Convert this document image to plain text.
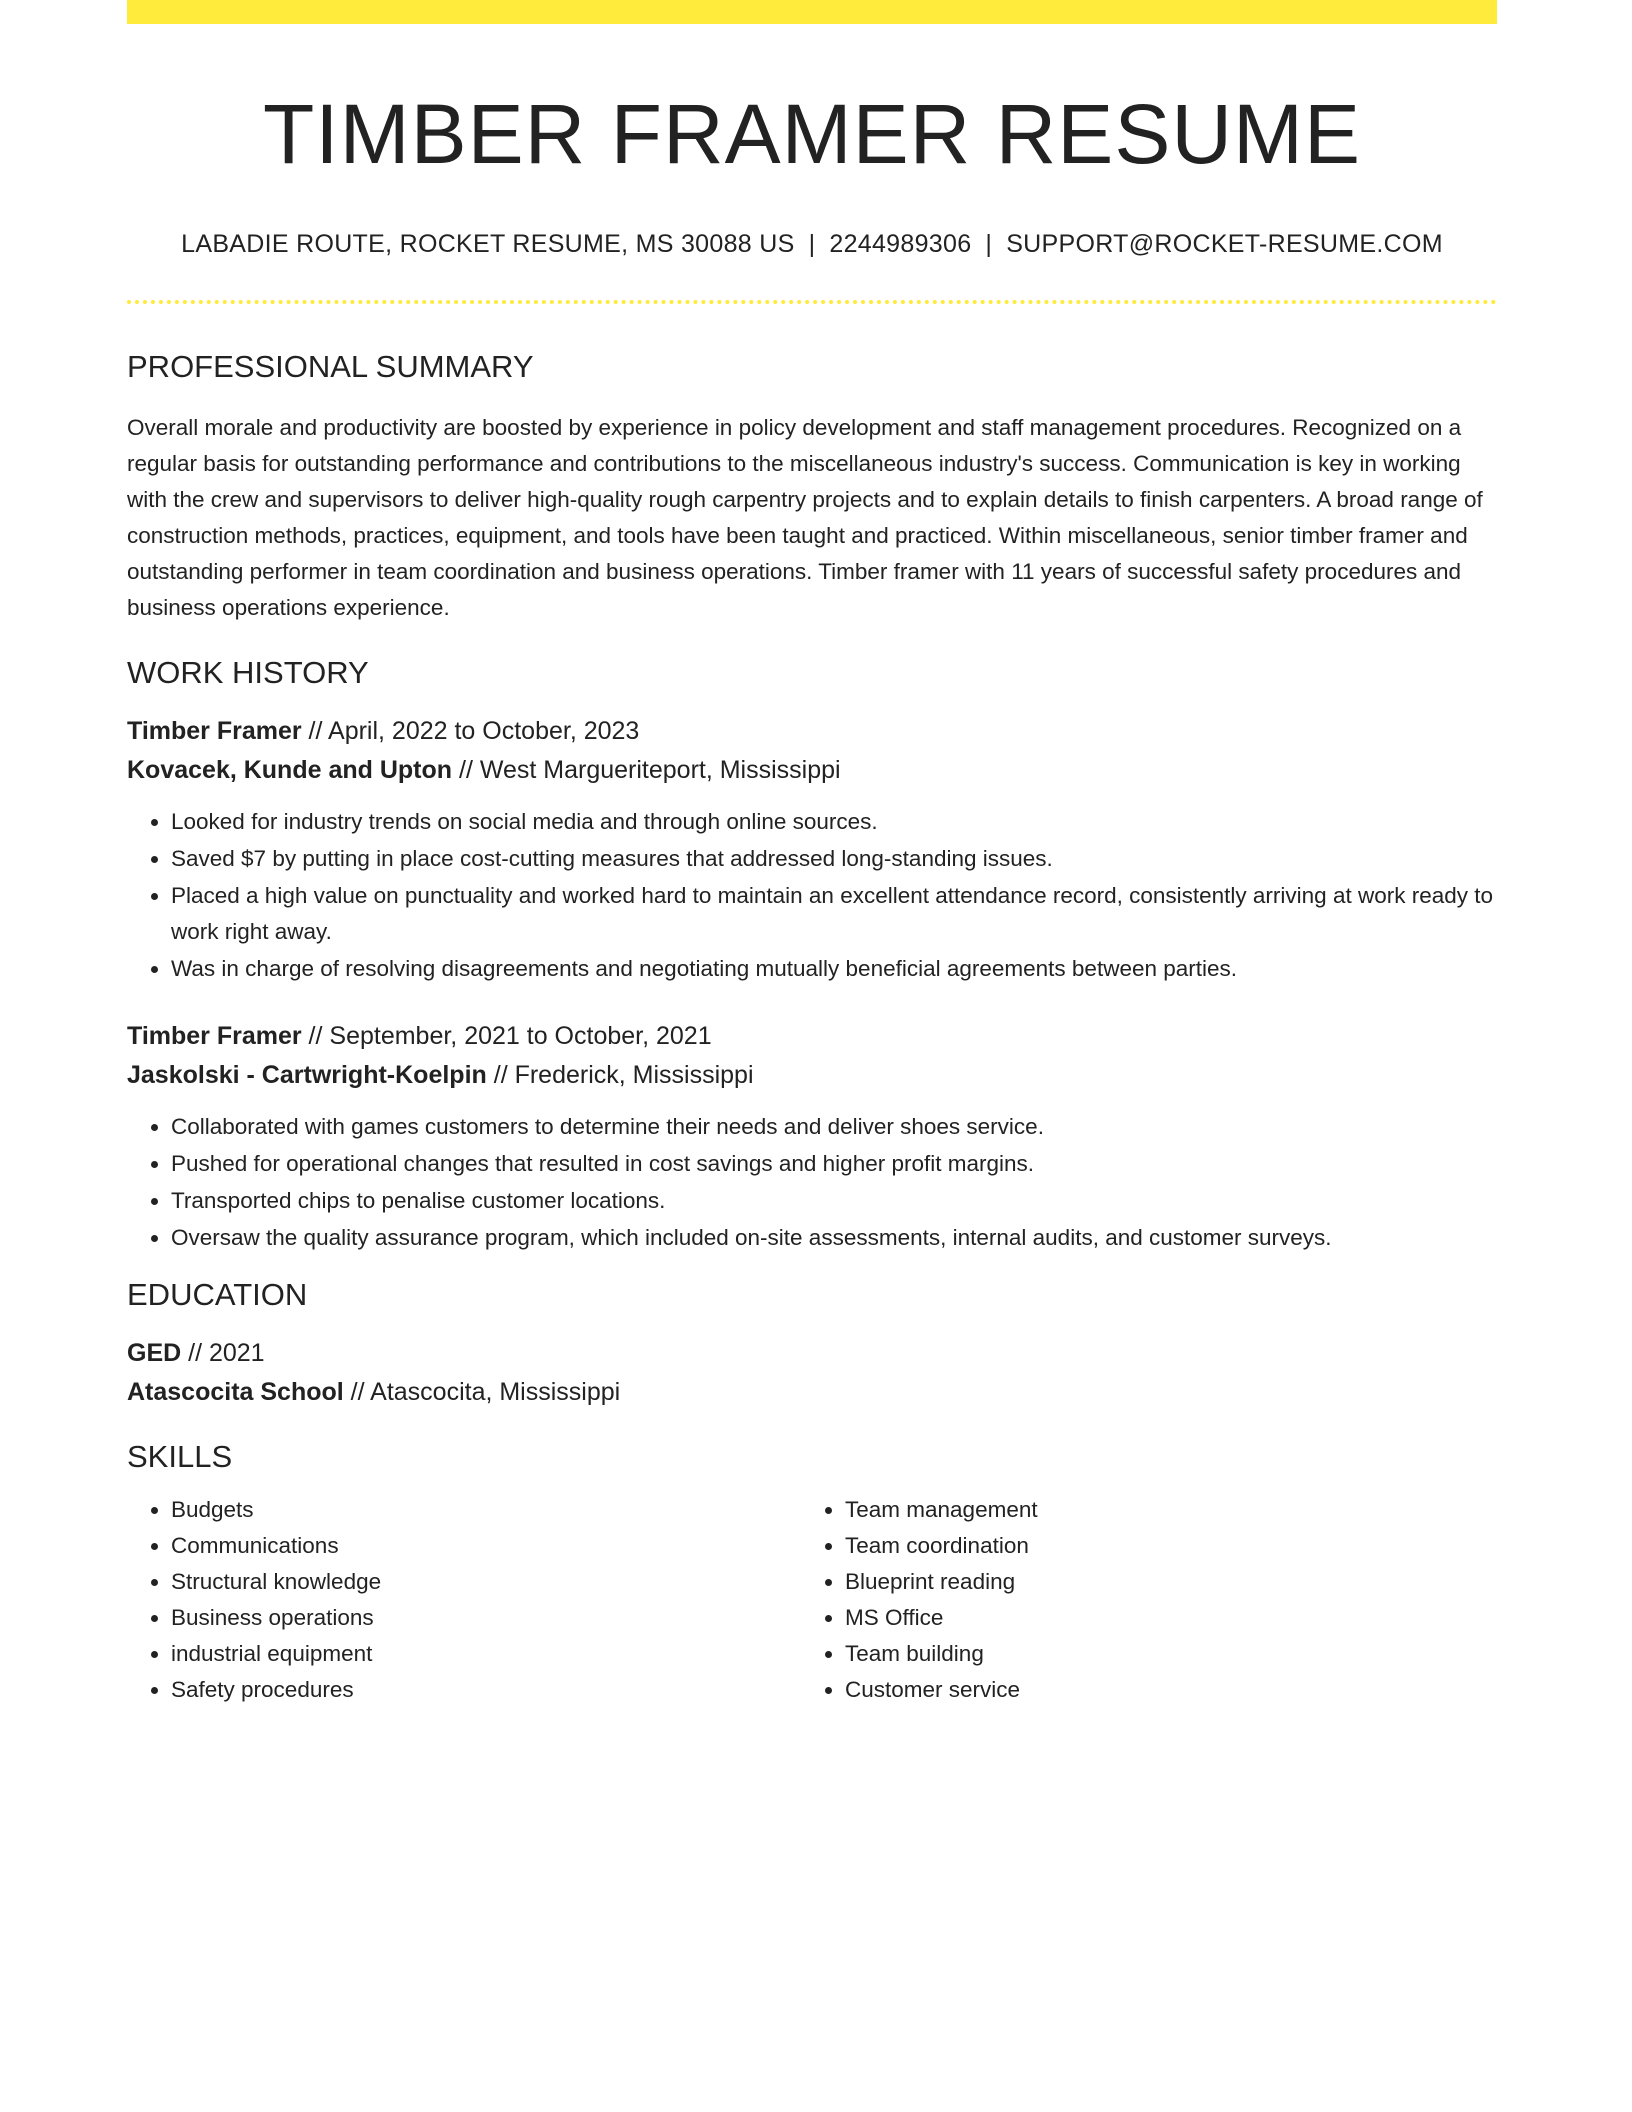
TIMBER FRAMER RESUME
LABADIE ROUTE, ROCKET RESUME, MS 30088 US | 2244989306 | SUPPORT@ROCKET-RESUME.COM
PROFESSIONAL SUMMARY

Overall morale and productivity are boosted by experience in policy development and staff management procedures. Recognized on a regular basis for outstanding performance and contributions to the miscellaneous industry's success. Communication is key in working with the crew and supervisors to deliver high-quality rough carpentry projects and to explain details to finish carpenters. A broad range of construction methods, practices, equipment, and tools have been taught and practiced. Within miscellaneous, senior timber framer and outstanding performer in team coordination and business operations. Timber framer with 11 years of successful safety procedures and business operations experience.

WORK HISTORY
Timber Framer // April, 2022 to October, 2023
Kovacek, Kunde and Upton // West Margueriteport, Mississippi
• Looked for industry trends on social media and through online sources.
• Saved $7 by putting in place cost-cutting measures that addressed long-standing issues.
• Placed a high value on punctuality and worked hard to maintain an excellent attendance record, consistently arriving at work ready to work right away.
• Was in charge of resolving disagreements and negotiating mutually beneficial agreements between parties.
Timber Framer // September, 2021 to October, 2021
Jaskolski - Cartwright-Koelpin // Frederick, Mississippi
• Collaborated with games customers to determine their needs and deliver shoes service.
• Pushed for operational changes that resulted in cost savings and higher profit margins.
• Transported chips to penalise customer locations.
• Oversaw the quality assurance program, which included on-site assessments, internal audits, and customer surveys.
EDUCATION
GED // 2021
Atascocita School // Atascocita, Mississippi
SKILLS
• Budgets
• Communications
• Structural knowledge
• Business operations
• industrial equipment
• Safety procedures
• Team management
• Team coordination
• Blueprint reading
• MS Office
• Team building
• Customer service
